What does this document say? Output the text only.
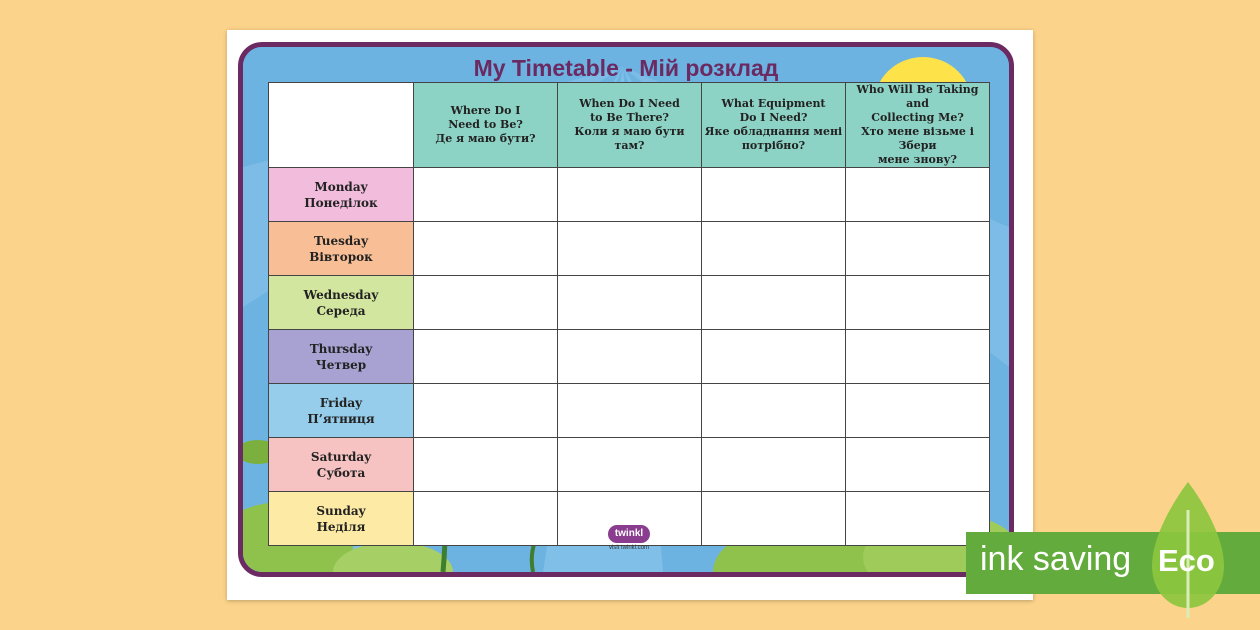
My Timetable - Мій розклад

	Where Do I
Need to Be?
Де я маю бути?	When Do I Need
to Be There?
Коли я маю бути там?	What Equipment
Do I Need?
Яке обладнання мені
потрібно?	Who Will Be Taking and
Collecting Me?
Хто мене візьме і Збери
мене знову?

Monday
Понеділок				

Tuesday
Вівторок				

Wednesday
Середа				

Thursday
Четвер				

Friday
П’ятниця				

Saturday
Субота				

Sunday
Неділя				
					twinkl
visit twinkl.com	ink saving Eco
